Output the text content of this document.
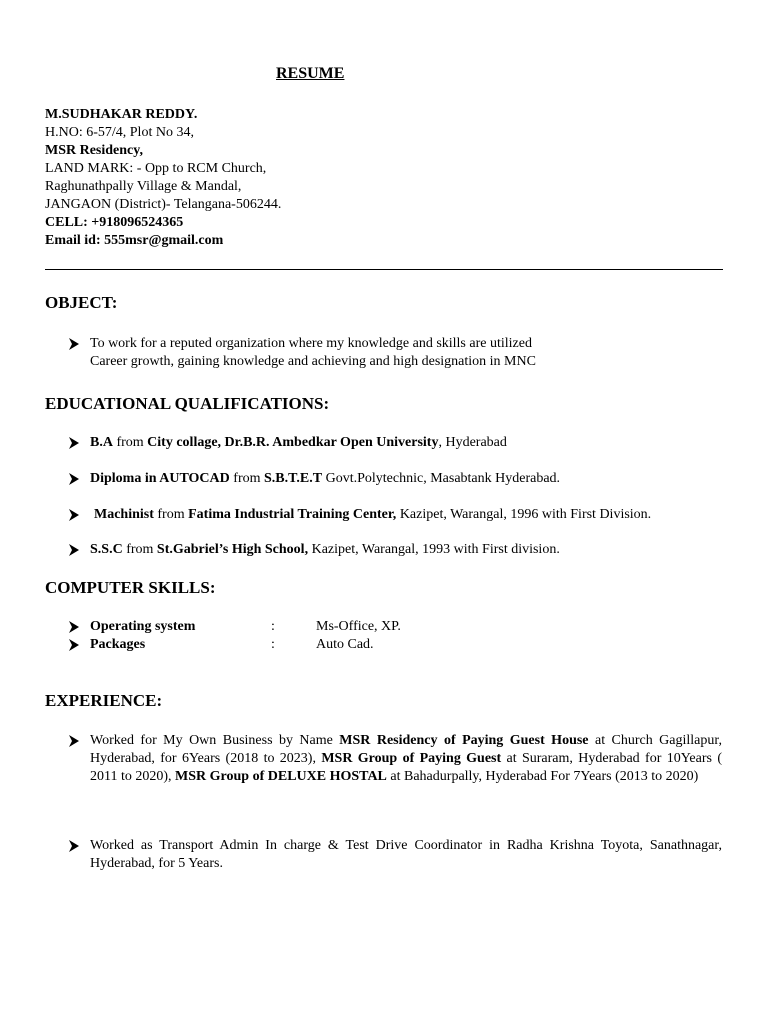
RESUME
M.SUDHAKAR REDDY.
H.NO: 6-57/4, Plot No 34,
MSR Residency,
LAND MARK: - Opp to RCM Church,
Raghunathpally Village & Mandal,
JANGAON (District)- Telangana-506244.
CELL: +918096524365
Email id: 555msr@gmail.com
OBJECT:
To work for a reputed organization where my knowledge and skills are utilized
Career growth, gaining knowledge and achieving and high designation in MNC
EDUCATIONAL QUALIFICATIONS:
B.A from City collage, Dr.B.R. Ambedkar Open University, Hyderabad
Diploma in AUTOCAD from S.B.T.E.T Govt.Polytechnic, Masabtank Hyderabad.
Machinist from Fatima Industrial Training Center, Kazipet, Warangal, 1996 with First Division.
S.S.C from St.Gabriel’s High School, Kazipet, Warangal, 1993 with First division.
COMPUTER SKILLS:
Operating system	:	Ms-Office, XP.
Packages	:	Auto Cad.
EXPERIENCE:
Worked for My Own Business by Name MSR Residency of Paying Guest House at Church Gagillapur, Hyderabad, for 6Years (2018 to 2023), MSR Group of Paying Guest at Suraram, Hyderabad for 10Years ( 2011 to 2020), MSR Group of DELUXE HOSTAL at Bahadurpally, Hyderabad For 7Years (2013 to 2020)
Worked as Transport Admin In charge & Test Drive Coordinator in Radha Krishna Toyota, Sanathnagar, Hyderabad, for 5 Years.
